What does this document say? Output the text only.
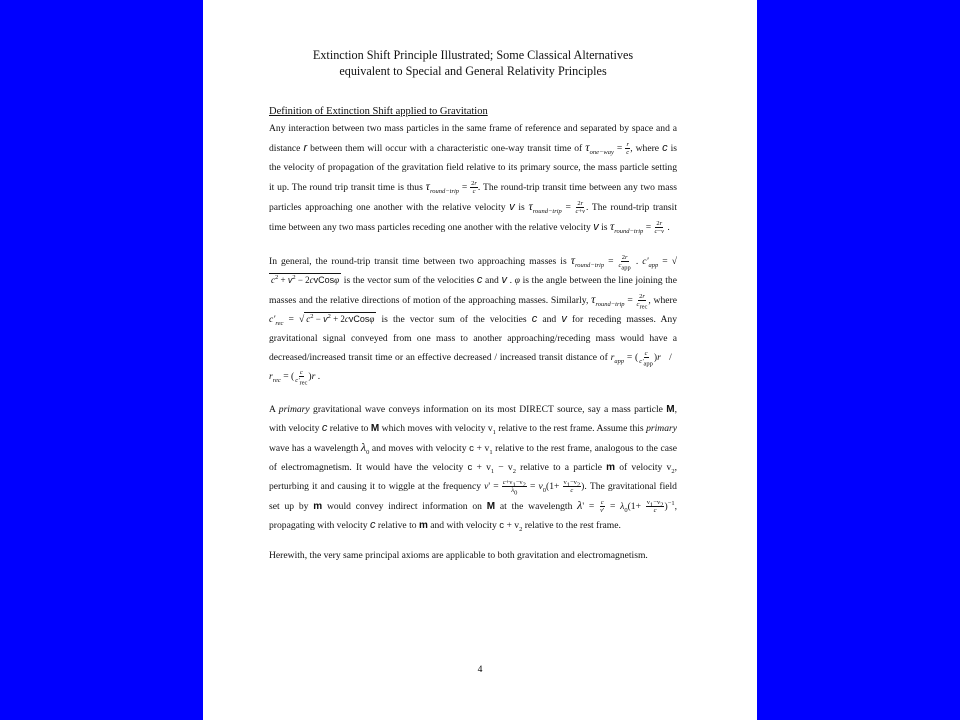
Extinction Shift Principle Illustrated; Some Classical Alternatives
equivalent to Special and General Relativity Principles
Definition of Extinction Shift applied to Gravitation

Any interaction between two mass particles in the same frame of reference and separated by space and a distance r between them will occur with a characteristic one-way transit time of $\tau_{one-way} = \frac{r}{c}$ , where c is the velocity of propagation of the gravitation field relative to its primary source, the mass particle setting it up. The round trip transit time is thus $\tau_{round-trip} = \frac{2r}{c}$ . The round-trip transit time between any two mass particles approaching one another with the relative velocity v is $\tau_{round-trip} = \frac{2r}{c+v}$ . The round-trip transit time between any two mass particles receding one another with the relative velocity v is $\tau_{round-trip} = \frac{2r}{c-v}$ .

In general, the round-trip transit time between two approaching masses is $\tau_{round-trip} = \frac{2r}{c_{app}}$ . $c'_{app} = √c^2 + v^2$ − 2cvCosφ is the vector sum of the velocities c and v . φ is the angle between the line joining the masses and the relative directions of motion of the approaching masses. Similarly, $\tau_{round-trip} = \frac{2r}{c_{rec}}$ , where $c'_{rec}$ = √ $c^2 - v^2$ + 2cvCosφ is the vector sum of the velocities c and v for receding masses. Any gravitational signal conveyed from one mass to another approaching/receding mass would have a decreased/increased transit time or an effective decreased / increased transit distance of $r_{app}$ = ( $\frac{c}{c'_{app}} )r / r_{rec}$ = ( $\frac{c}{c'_{rec}} )r$ .

A primary gravitational wave conveys information on its most DIRECT source, say a mass particle M, with velocity c relative to M which moves with velocity $v_1$ relative to the rest frame. Assume this primary wave has a wavelength $\lambda_0$ and moves with velocity $c + v_1$ relative to the rest frame, analogous to the case of electromagnetism. It would have the velocity $c + v_1 - v_2$ relative to a particle m of velocity $v_2$, perturbing it and causing it to wiggle at the frequency $\nu' = \frac{c+v_1-v_2}{\lambda_0} = \nu_0(1+ \frac{v_1-v_2}{c}$ ). The gravitational field set up by m would convey indirect information on M at the wavelength $\lambda' = \frac{c}{\nu'} = \lambda_0(1+ \frac{v_1-v_2}{c} )^{-1}$, propagating with velocity c relative to m and with velocity $c + v_2$ relative to the rest frame.

Herewith, the very same principal axioms are applicable to both gravitation and electromagnetism.

4
